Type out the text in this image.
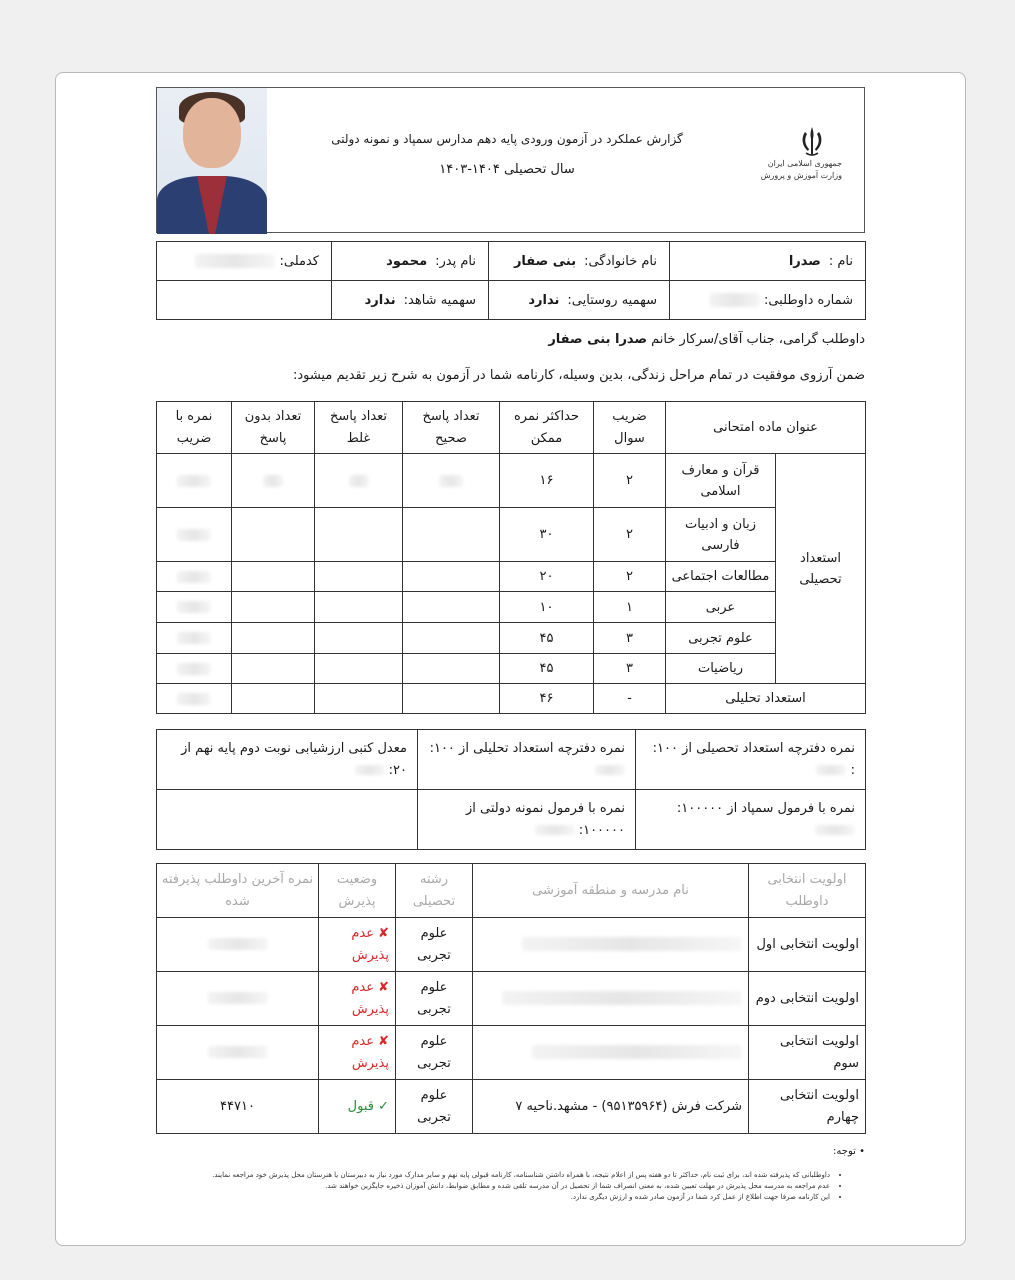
گزارش عملکرد در آزمون ورودی پایه دهم مدارس سمپاد و نمونه دولتی
سال تحصیلی ۱۴۰۴-۱۴۰۳	جمهوری اسلامی ایران
وزارت آموزش و پرورش
نام :صدرا	نام خانوادگی:بنی صفار	نام پدر:محمود	کدملی:
شماره داوطلبی:	سهمیه روستایی:ندارد	سهمیه شاهد:ندارد	
داوطلب گرامی، جناب آقای/سرکار خانم صدرا بنی صفار
ضمن آرزوی موفقیت در تمام مراحل زندگی، بدین وسیله، کارنامه شما در آزمون به شرح زیر تقدیم میشود:
عنوان ماده امتحانی		ضریب سوال	حداکثر نمره ممکن	تعداد پاسخ صحیح	تعداد پاسخ غلط	تعداد بدون پاسخ	نمره با ضریب
استعداد تحصیلی	قرآن و معارف اسلامی	۲	۱۶				
	زبان و ادبیات فارسی	۲	۳۰				
	مطالعات اجتماعی	۲	۲۰				
	عربی	۱	۱۰				
	علوم تجربی	۳	۴۵				
	ریاضیات	۳	۴۵				
استعداد تحلیلی		-	۴۶				
نمره دفترچه استعداد تحصیلی از ۱۰۰: :	نمره دفترچه استعداد تحلیلی از ۱۰۰:	معدل کتبی ارزشیابی نوبت دوم پایه نهم از ۲۰:
نمره با فرمول سمپاد از ۱۰۰۰۰۰:	نمره با فرمول نمونه دولتی از ۱۰۰۰۰۰:	
اولویت انتخابی داوطلب	نام مدرسه و منطقه آموزشی	رشته تحصیلی	وضعیت پذیرش	نمره آخرین داوطلب پذیرفته شده
اولویت انتخابی اول		علوم تجربی	✘ عدم پذیرش	
اولویت انتخابی دوم		علوم تجربی	✘ عدم پذیرش	
اولویت انتخابی سوم		علوم تجربی	✘ عدم پذیرش	
اولویت انتخابی چهارم	شرکت فرش (۹۵۱۳۵۹۶۴) - مشهد.ناحیه ۷	علوم تجربی	✓ قبول	۴۴۷۱۰
• توجه:
• داوطلبانی که پذیرفته شده اند، برای ثبت نام، حداکثر تا دو هفته پس از اعلام نتیجه، با همراه داشتن شناسنامه، کارنامه قبولی پایه نهم و سایر مدارک مورد نیاز به دبیرستان یا هنرستان محل پذیرش خود مراجعه نمایند.
• عدم مراجعه به مدرسه محل پذیرش در مهلت تعیین شده، به معنی انصراف شما از تحصیل در آن مدرسه تلقی شده و مطابق ضوابط، دانش آموزان ذخیره جایگزین خواهند شد.
• این کارنامه صرفا جهت اطلاع از عمل کرد شما در آزمون صادر شده و ارزش دیگری ندارد.
